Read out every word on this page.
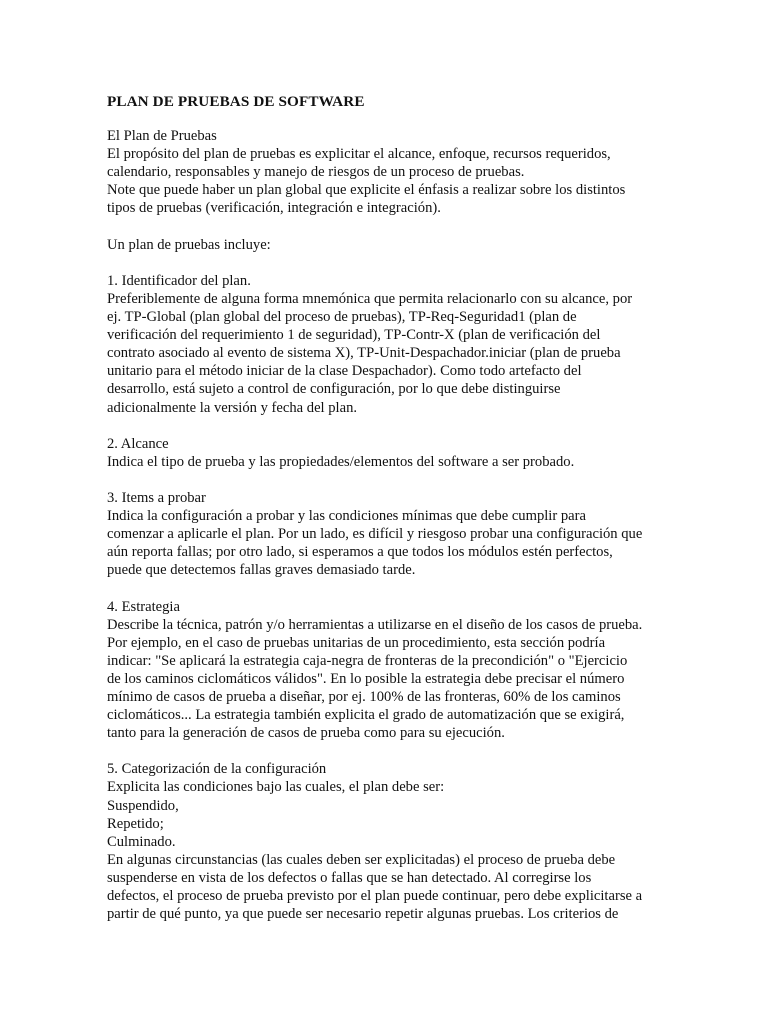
PLAN DE PRUEBAS DE SOFTWARE
El Plan de Pruebas
El propósito del plan de pruebas es explicitar el alcance, enfoque, recursos requeridos,
calendario, responsables y manejo de riesgos de un proceso de pruebas.
Note que puede haber un plan global que explicite el énfasis a realizar sobre los distintos
tipos de pruebas (verificación, integración e integración).
Un plan de pruebas incluye:
1. Identificador del plan.
Preferiblemente de alguna forma mnemónica que permita relacionarlo con su alcance, por
ej. TP-Global (plan global del proceso de pruebas), TP-Req-Seguridad1 (plan de
verificación del requerimiento 1 de seguridad), TP-Contr-X (plan de verificación del
contrato asociado al evento de sistema X), TP-Unit-Despachador.iniciar (plan de prueba
unitario para el método iniciar de la clase Despachador). Como todo artefacto del
desarrollo, está sujeto a control de configuración, por lo que debe distinguirse
adicionalmente la versión y fecha del plan.
2. Alcance
Indica el tipo de prueba y las propiedades/elementos del software a ser probado.
3. Items a probar
Indica la configuración a probar y las condiciones mínimas que debe cumplir para
comenzar a aplicarle el plan. Por un lado, es difícil y riesgoso probar una configuración que
aún reporta fallas; por otro lado, si esperamos a que todos los módulos estén perfectos,
puede que detectemos fallas graves demasiado tarde.
4. Estrategia
Describe la técnica, patrón y/o herramientas a utilizarse en el diseño de los casos de prueba.
Por ejemplo, en el caso de pruebas unitarias de un procedimiento, esta sección podría
indicar: "Se aplicará la estrategia caja-negra de fronteras de la precondición" o "Ejercicio
de los caminos ciclomáticos válidos". En lo posible la estrategia debe precisar el número
mínimo de casos de prueba a diseñar, por ej. 100% de las fronteras, 60% de los caminos
ciclomáticos... La estrategia también explicita el grado de automatización que se exigirá,
tanto para la generación de casos de prueba como para su ejecución.
5. Categorización de la configuración
Explicita las condiciones bajo las cuales, el plan debe ser:
Suspendido,
Repetido;
Culminado.
En algunas circunstancias (las cuales deben ser explicitadas) el proceso de prueba debe
suspenderse en vista de los defectos o fallas que se han detectado. Al corregirse los
defectos, el proceso de prueba previsto por el plan puede continuar, pero debe explicitarse a
partir de qué punto, ya que puede ser necesario repetir algunas pruebas. Los criterios de
